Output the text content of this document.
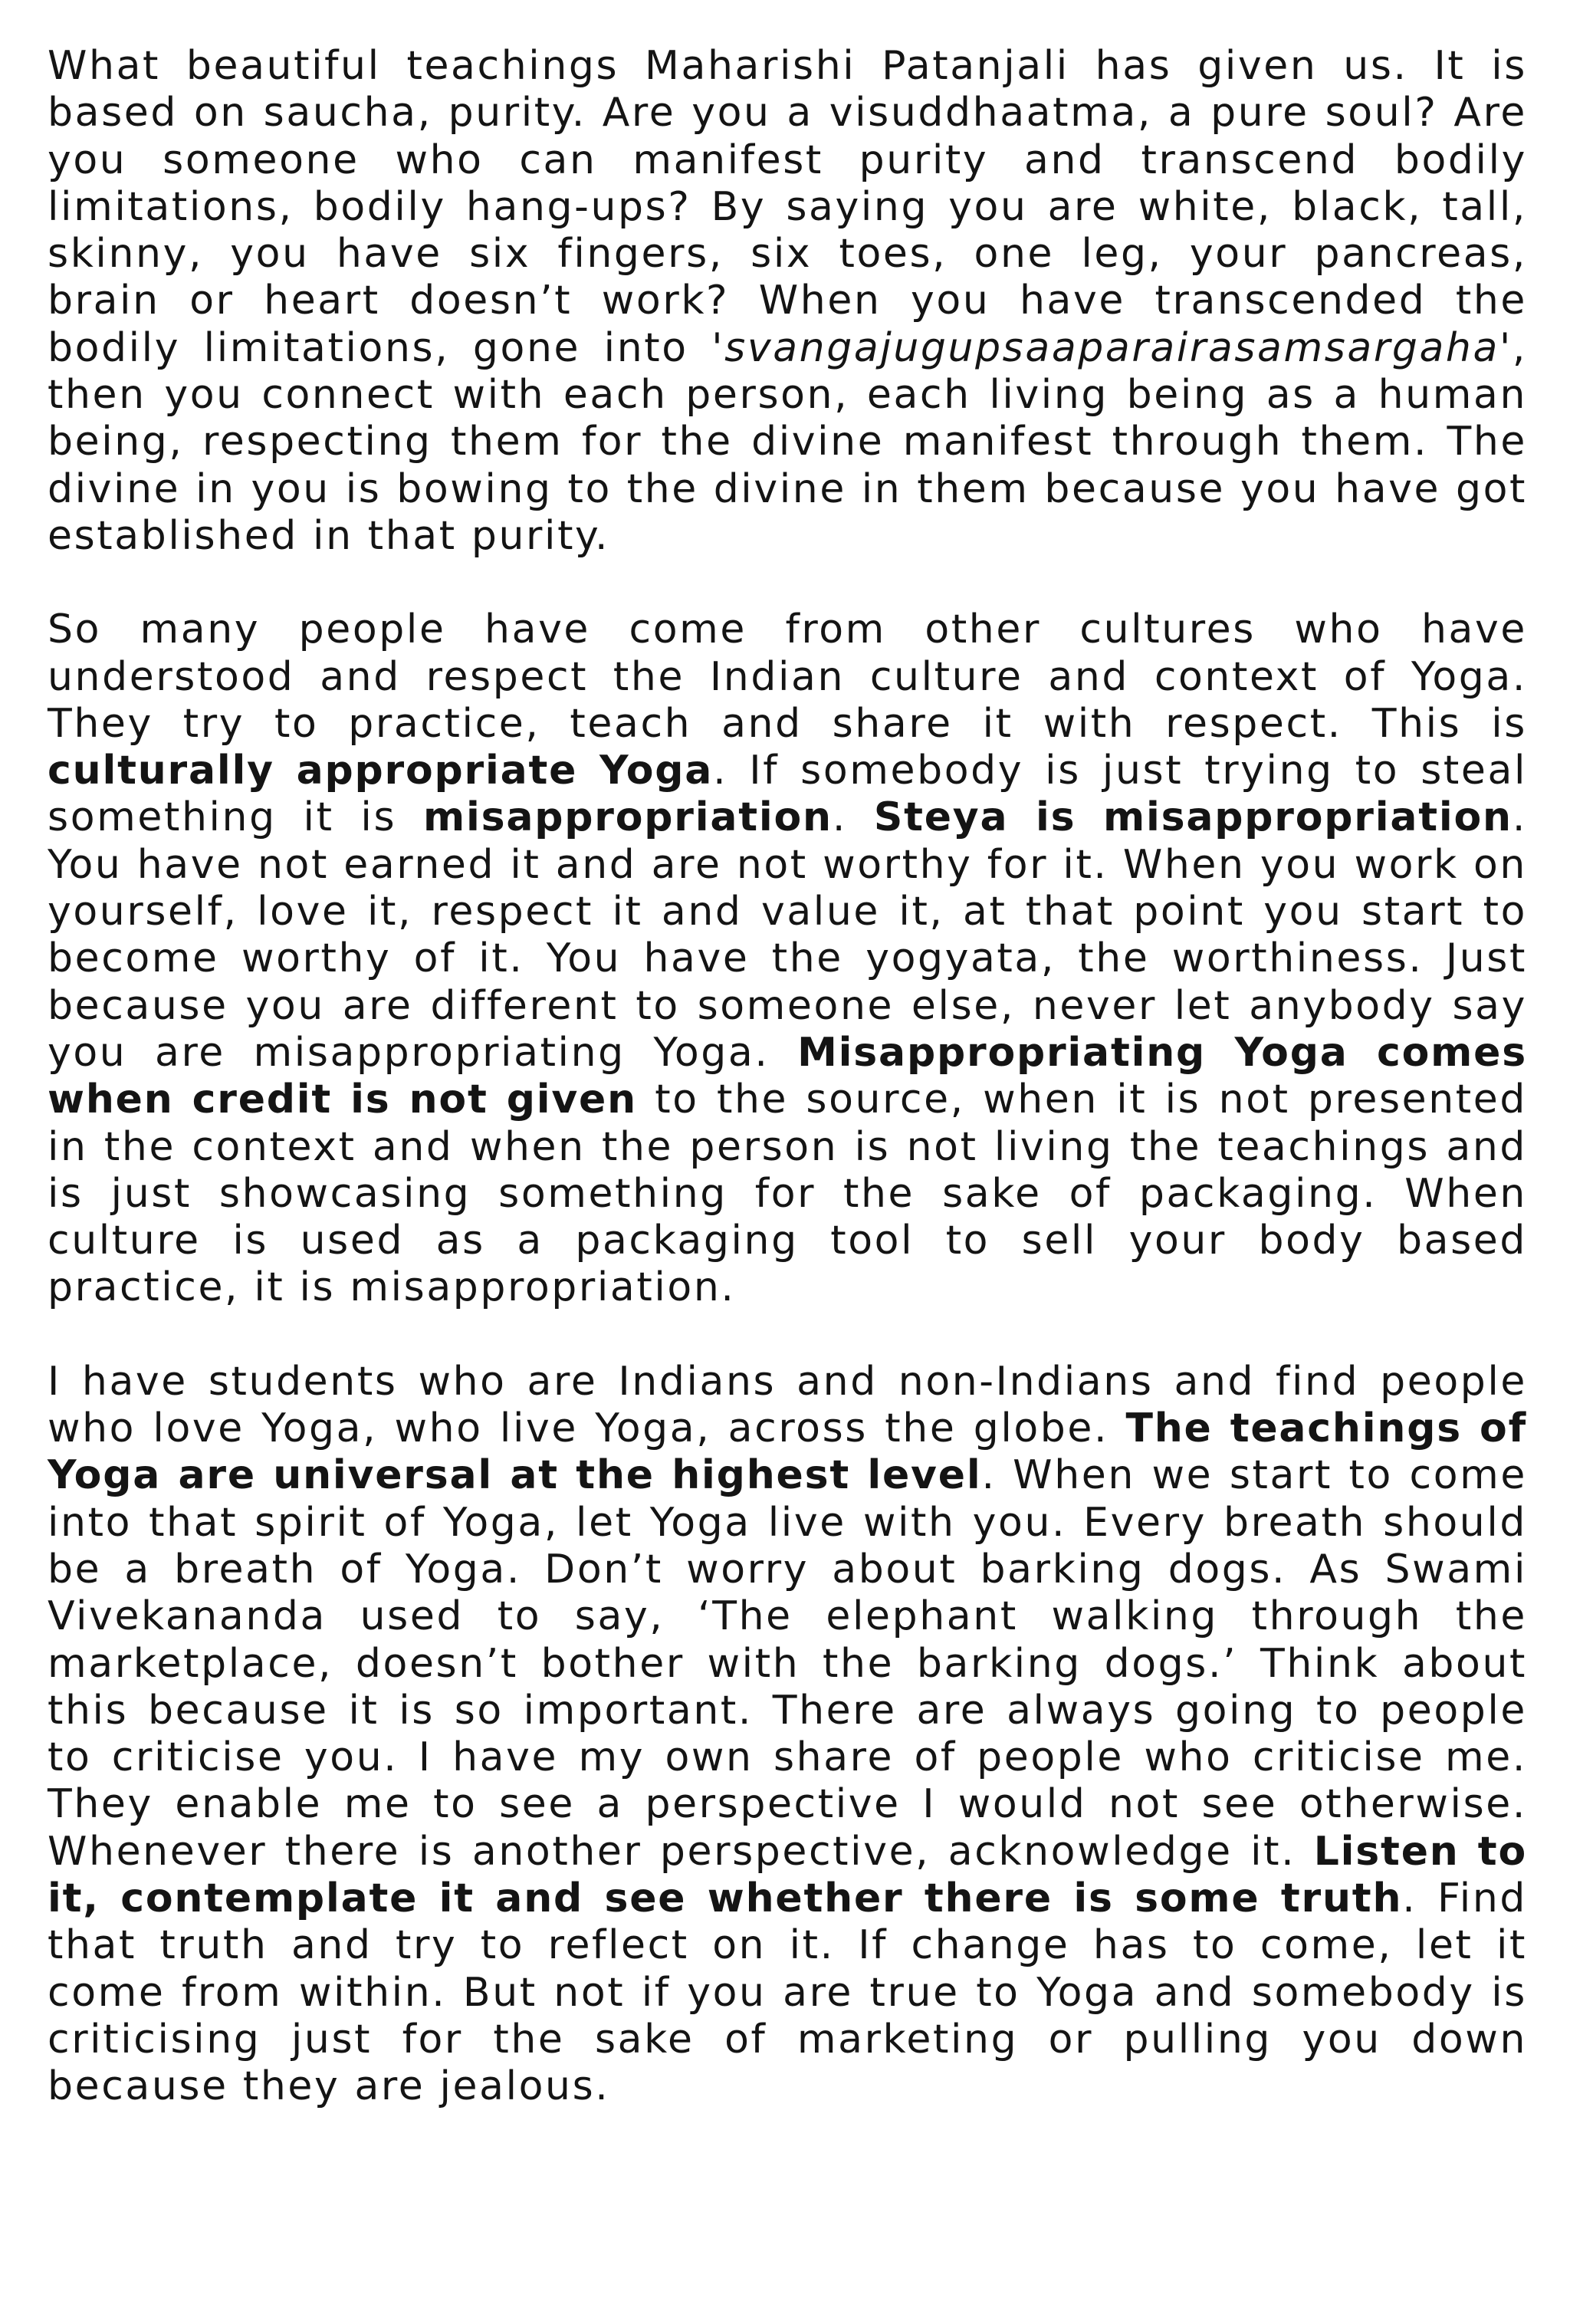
What beautiful teachings Maharishi Patanjali has given us. It is based on saucha, purity. Are you a visuddhaatma, a pure soul? Are you someone who can manifest purity and transcend bodily limitations, bodily hang-ups? By saying you are white, black, tall, skinny, you have six fingers, six toes, one leg, your pancreas, brain or heart doesn’t work? When you have transcended the bodily limitations, gone into 'svangajugupsaaparairasamsargaha', then you connect with each person, each living being as a human being, respecting them for the divine manifest through them. The divine in you is bowing to the divine in them because you have got established in that purity.

So many people have come from other cultures who have understood and respect the Indian culture and context of Yoga. They try to practice, teach and share it with respect. This is culturally appropriate Yoga. If somebody is just trying to steal something it is misappropriation. Steya is misappropriation. You have not earned it and are not worthy for it. When you work on yourself, love it, respect it and value it, at that point you start to become worthy of it. You have the yogyata, the worthiness. Just because you are different to someone else, never let anybody say you are misappropriating Yoga. Misappropriating Yoga comes when credit is not given to the source, when it is not presented in the context and when the person is not living the teachings and is just showcasing something for the sake of packaging. When culture is used as a packaging tool to sell your body based practice, it is misappropriation.

I have students who are Indians and non-Indians and find people who love Yoga, who live Yoga, across the globe. The teachings of Yoga are universal at the highest level. When we start to come into that spirit of Yoga, let Yoga live with you. Every breath should be a breath of Yoga. Don’t worry about barking dogs. As Swami Vivekananda used to say, ‘The elephant walking through the marketplace, doesn’t bother with the barking dogs.’ Think about this because it is so important. There are always going to people to criticise you. I have my own share of people who criticise me. They enable me to see a perspective I would not see otherwise. Whenever there is another perspective, acknowledge it. Listen to it, contemplate it and see whether there is some truth. Find that truth and try to reflect on it. If change has to come, let it come from within. But not if you are true to Yoga and somebody is criticising just for the sake of marketing or pulling you down because they are jealous.
